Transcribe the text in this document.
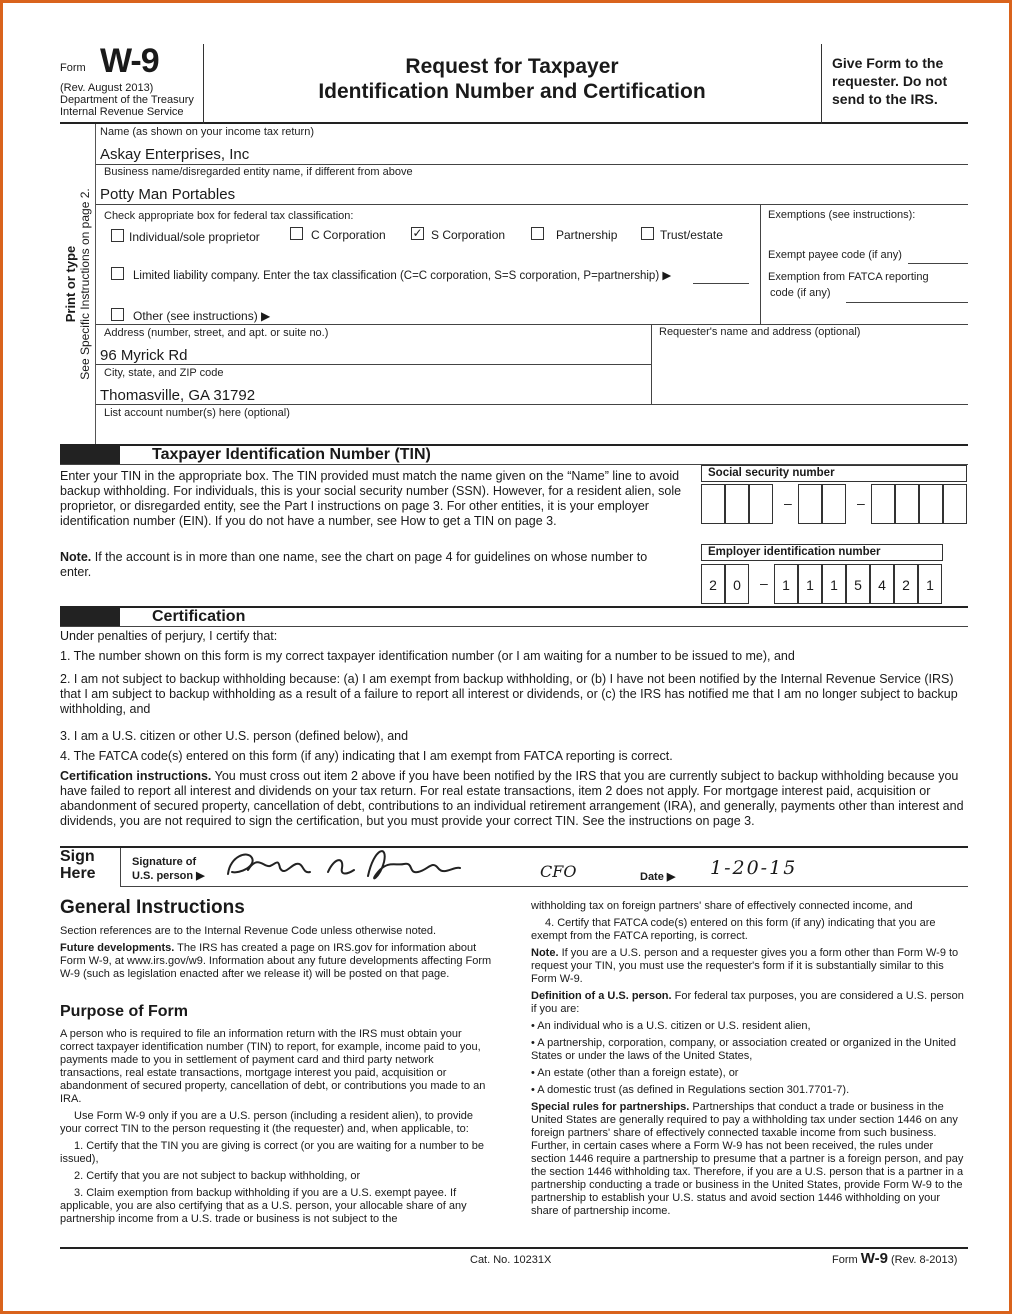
Form W-9
(Rev. August 2013)
Department of the Treasury
Internal Revenue Service
Request for Taxpayer
Identification Number and Certification
Give Form to the
requester. Do not
send to the IRS.
Print or type See Specific Instructions on page 2.
Name (as shown on your income tax return)
Askay Enterprises, Inc
Business name/disregarded entity name, if different from above
Potty Man Portables
Check appropriate box for federal tax classification:
Individual/sole proprietor	C Corporation ✓ S Corporation	Partnership	Trust/estate
Limited liability company. Enter the tax classification (C=C corporation, S=S corporation, P=partnership) ▶
Other (see instructions) ▶
Exemptions (see instructions):
Exempt payee code (if any)
Exemption from FATCA reporting
code (if any)
Address (number, street, and apt. or suite no.)
96 Myrick Rd
Requester's name and address (optional)
City, state, and ZIP code
Thomasville, GA 31792
List account number(s) here (optional)
Taxpayer Identification Number (TIN)
Enter your TIN in the appropriate box. The TIN provided must match the name given on the “Name” line to avoid backup withholding. For individuals, this is your social security number (SSN). However, for a resident alien, sole proprietor, or disregarded entity, see the Part I instructions on page 3. For other entities, it is your employer identification number (EIN). If you do not have a number, see How to get a TIN on page 3.
Note. If the account is in more than one name, see the chart on page 4 for guidelines on whose number to enter.
Social security number
–	–
Employer identification number
2	0	–	1	1	1	5	4	2	1
Certification
Under penalties of perjury, I certify that:
1. The number shown on this form is my correct taxpayer identification number (or I am waiting for a number to be issued to me), and
2. I am not subject to backup withholding because: (a) I am exempt from backup withholding, or (b) I have not been notified by the Internal Revenue Service (IRS) that I am subject to backup withholding as a result of a failure to report all interest or dividends, or (c) the IRS has notified me that I am no longer subject to backup withholding, and
3. I am a U.S. citizen or other U.S. person (defined below), and
4. The FATCA code(s) entered on this form (if any) indicating that I am exempt from FATCA reporting is correct.
Certification instructions. You must cross out item 2 above if you have been notified by the IRS that you are currently subject to backup withholding because you have failed to report all interest and dividends on your tax return. For real estate transactions, item 2 does not apply. For mortgage interest paid, acquisition or abandonment of secured property, cancellation of debt, contributions to an individual retirement arrangement (IRA), and generally, payments other than interest and dividends, you are not required to sign the certification, but you must provide your correct TIN. See the instructions on page 3.
Sign
Here
Signature of
U.S. person ▶	CFO	Date ▶ 1-20-15
General Instructions

Section references are to the Internal Revenue Code unless otherwise noted.

Future developments. The IRS has created a page on IRS.gov for information about Form W-9, at www.irs.gov/w9. Information about any future developments affecting Form W-9 (such as legislation enacted after we release it) will be posted on that page.

Purpose of Form

A person who is required to file an information return with the IRS must obtain your correct taxpayer identification number (TIN) to report, for example, income paid to you, payments made to you in settlement of payment card and third party network transactions, real estate transactions, mortgage interest you paid, acquisition or abandonment of secured property, cancellation of debt, or contributions you made to an IRA.

Use Form W-9 only if you are a U.S. person (including a resident alien), to provide your correct TIN to the person requesting it (the requester) and, when applicable, to:

1. Certify that the TIN you are giving is correct (or you are waiting for a number to be issued),

2. Certify that you are not subject to backup withholding, or

3. Claim exemption from backup withholding if you are a U.S. exempt payee. If applicable, you are also certifying that as a U.S. person, your allocable share of any partnership income from a U.S. trade or business is not subject to the

withholding tax on foreign partners' share of effectively connected income, and

4. Certify that FATCA code(s) entered on this form (if any) indicating that you are exempt from the FATCA reporting, is correct.

Note. If you are a U.S. person and a requester gives you a form other than Form W-9 to request your TIN, you must use the requester's form if it is substantially similar to this Form W-9.

Definition of a U.S. person. For federal tax purposes, you are considered a U.S. person if you are:

• An individual who is a U.S. citizen or U.S. resident alien,

• A partnership, corporation, company, or association created or organized in the United States or under the laws of the United States,

• An estate (other than a foreign estate), or

• A domestic trust (as defined in Regulations section 301.7701-7).

Special rules for partnerships. Partnerships that conduct a trade or business in the United States are generally required to pay a withholding tax under section 1446 on any foreign partners' share of effectively connected taxable income from such business. Further, in certain cases where a Form W-9 has not been received, the rules under section 1446 require a partnership to presume that a partner is a foreign person, and pay the section 1446 withholding tax. Therefore, if you are a U.S. person that is a partner in a partnership conducting a trade or business in the United States, provide Form W-9 to the partnership to establish your U.S. status and avoid section 1446 withholding on your share of partnership income.

Cat. No. 10231X	Form W-9 (Rev. 8-2013)
